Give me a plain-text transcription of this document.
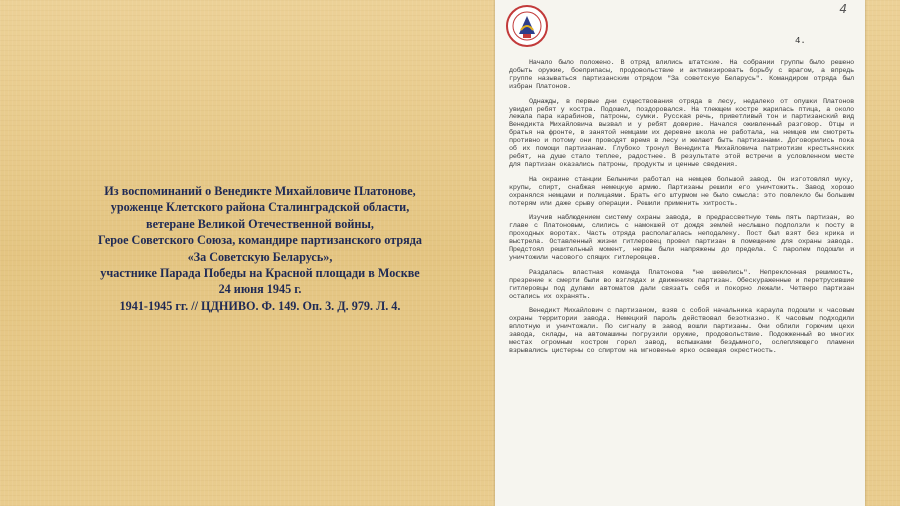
Из воспоминаний о Венедикте Михайловиче Платонове,
уроженце Клетского района Сталинградской области,
ветеране Великой Отечественной войны,
Герое Советского Союза, командире партизанского отряда
«За Советскую Беларусь»,
участнике Парада Победы на Красной площади в Москве
24 июня 1945 г.
1941-1945 гг. // ЦДНИВО. Ф. 149. Оп. 3. Д. 979. Л. 4.
4
4.

Начало было положено. В отряд влились штатские. На собрании группы было решено добыть оружие, боеприпасы, продовольствие и активизировать борьбу с врагом, а впредь группе называться партизанским отрядом "За советскую Беларусь". Командиром отряда был избран Платонов.

Однажды, в первые дни существования отряда в лесу, недалеко от опушки Платонов увидел ребят у костра. Подошел, поздоровался. На тлеющем костре жарилась птица, а около лежала пара карабинов, патроны, сумки. Русская речь, приветливый тон и партизанский вид Венедикта Михайловича вызвал и у ребят доверие. Начался оживленный разговор. Отцы и братья на фронте, в занятой немцами их деревне школа не работала, на немцев им смотреть противно и потому они проводят время в лесу и желают быть партизанами. Договорились пока об их помощи партизанам. Глубоко тронул Венедикта Михайловича патриотизм крестьянских ребят, на душе стало теплее, радостнее. В результате этой встречи в условленном месте для партизан оказались патроны, продукты и ценные сведения.

На окраине станции Белыничи работал на немцев большой завод. Он изготовлял муку, крупы, спирт, снабжая немецкую армию. Партизаны решили его уничтожить. Завод хорошо охранялся немцами и полицаями. Брать его штурмом не было смысла: это повлекло бы большим потерям или даже срыву операции. Решили применить хитрость.

Изучив наблюдением систему охраны завода, в предрассветную темь пять партизан, во главе с Платоновым, слились с намокшей от дождя землей неслышно подползли к посту в проходных воротах. Часть отряда располагалась неподалеку. Пост был взят без крика и выстрела. Оставленный жизни гитлеровец провел партизан в помещение для охраны завода. Предстоял решительный момент, нервы были напряжены до предела. С паролем подошли и уничтожили часового спящих гитлеровцев.

Раздалась властная команда Платонова "не шевелись". Непреклонная решимость, презрение к смерти были во взглядах и движениях партизан. Обескураженные и перетрусившие гитлеровцы под дулами автоматов дали связать себя и покорно лежали. Четверо партизан остались их охранять.

Венедикт Михайлович с партизаном, взяв с собой начальника караула подошли к часовым охраны территории завода. Немецкий пароль действовал безотказно. К часовым подходили вплотную и уничтожали. По сигналу в завод вошли партизаны. Они облили горючим цехи завода, склады, на автомашины погрузили оружие, продовольствие. Подожженный во многих местах огромным костром горел завод, вспышками бездымного, ослепляющего пламени взрывались цистерны со спиртом на мгновенье ярко освещая окрестность.
